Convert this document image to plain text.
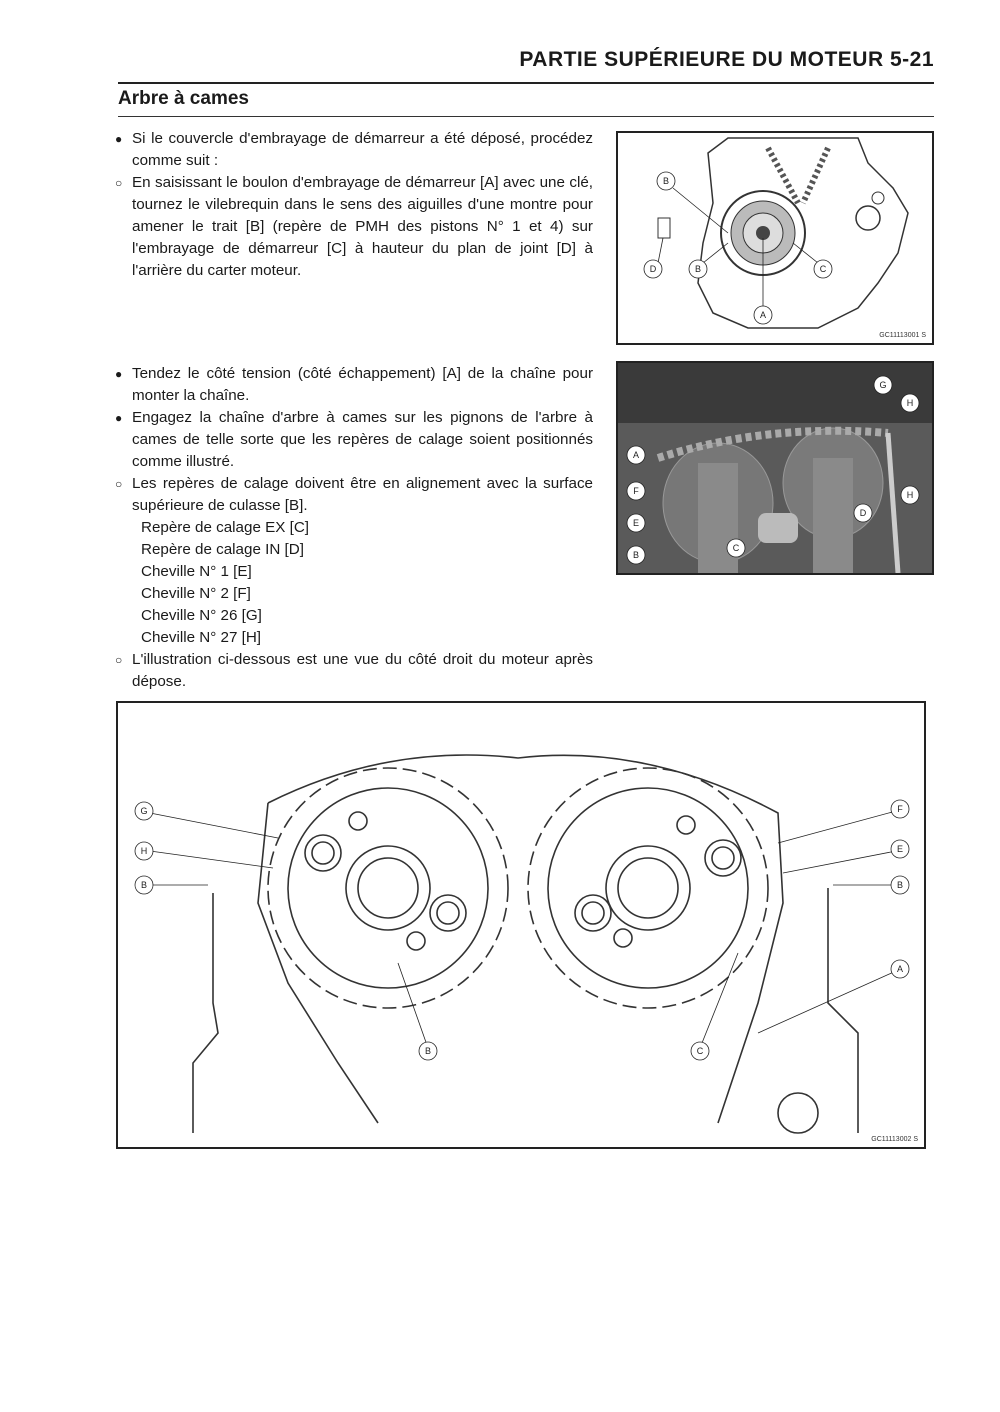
PARTIE SUPÉRIEURE DU MOTEUR 5-21
Arbre à cames

● Si le couvercle d'embrayage de démarreur a été déposé, procédez comme suit :

○ En saisissant le boulon d'embrayage de démarreur [A] avec une clé, tournez le vilebrequin dans le sens des aiguilles d'une montre pour amener le trait [B] (repère de PMH des pistons N° 1 et 4) sur l'embrayage de démarreur [C] à hauteur du plan de joint [D] à l'arrière du carter moteur.

● Tendez le côté tension (côté échappement) [A] de la chaîne pour monter la chaîne.

● Engagez la chaîne d'arbre à cames sur les pignons de l'arbre à cames de telle sorte que les repères de calage soient positionnés comme illustré.

○ Les repères de calage doivent être en alignement avec la surface supérieure de culasse [B].

Repère de calage EX [C]

Repère de calage IN [D]

Cheville N° 1 [E]

Cheville N° 2 [F]

Cheville N° 26 [G]

Cheville N° 27 [H]

○ L'illustration ci-dessous est une vue du côté droit du moteur après dépose.

B
D	B	C
A
GC11113001 S
G
H
A
F
E
B
D
C
H
G
H
B
F
E
B
A
B	C
GC11113002 S
